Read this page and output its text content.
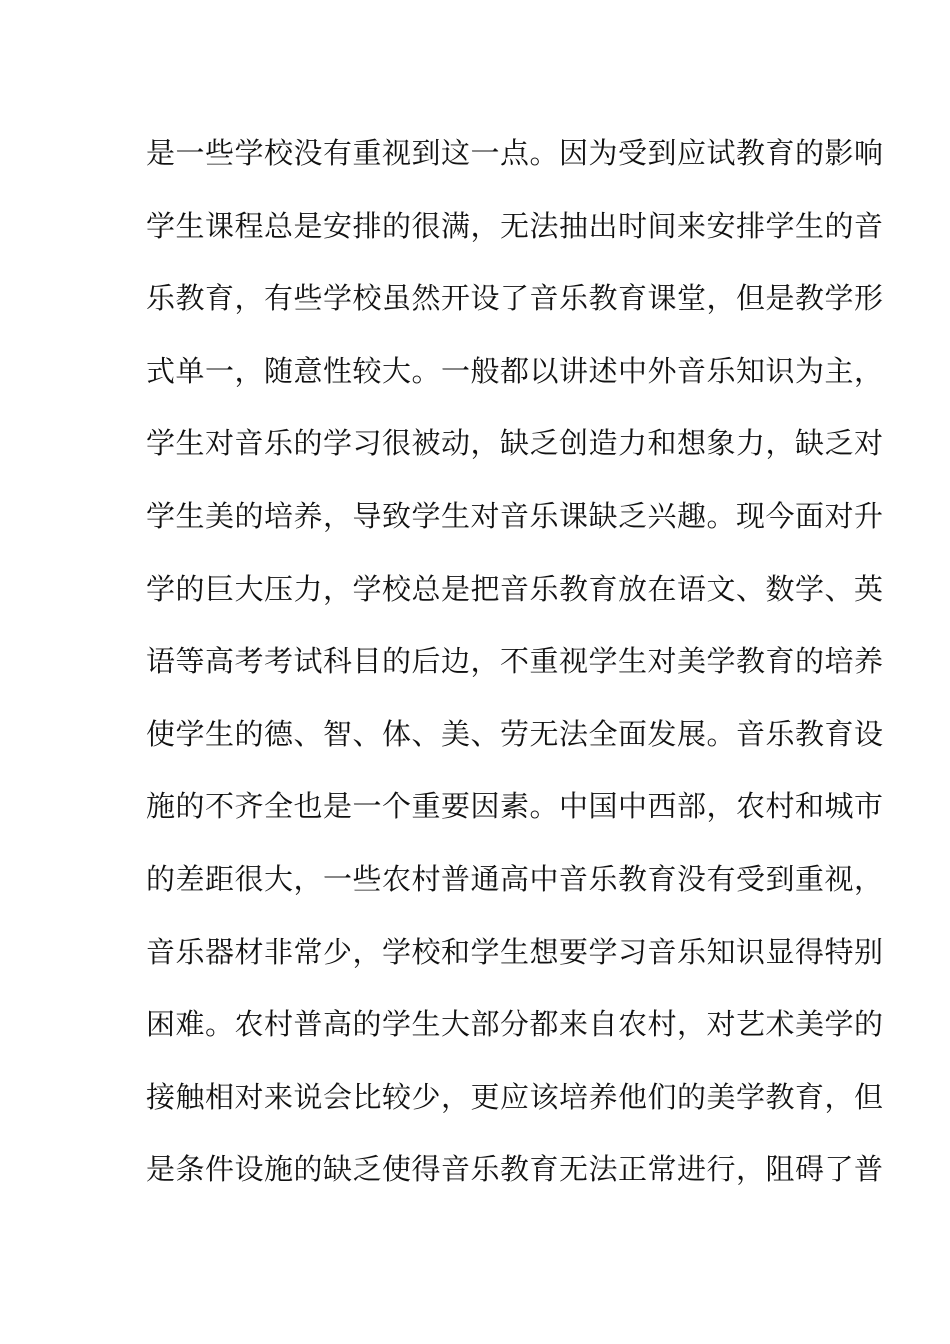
是一些学校没有重视到这一点。因为受到应试教育的影响
学生课程总是安排的很满，无法抽出时间来安排学生的音
乐教育，有些学校虽然开设了音乐教育课堂，但是教学形
式单一，随意性较大。一般都以讲述中外音乐知识为主，
学生对音乐的学习很被动，缺乏创造力和想象力，缺乏对
学生美的培养，导致学生对音乐课缺乏兴趣。现今面对升
学的巨大压力，学校总是把音乐教育放在语文、数学、英
语等高考考试科目的后边，不重视学生对美学教育的培养
使学生的德、智、体、美、劳无法全面发展。音乐教育设
施的不齐全也是一个重要因素。中国中西部，农村和城市
的差距很大，一些农村普通高中音乐教育没有受到重视，
音乐器材非常少，学校和学生想要学习音乐知识显得特别
困难。农村普高的学生大部分都来自农村，对艺术美学的
接触相对来说会比较少，更应该培养他们的美学教育，但
是条件设施的缺乏使得音乐教育无法正常进行，阻碍了普
